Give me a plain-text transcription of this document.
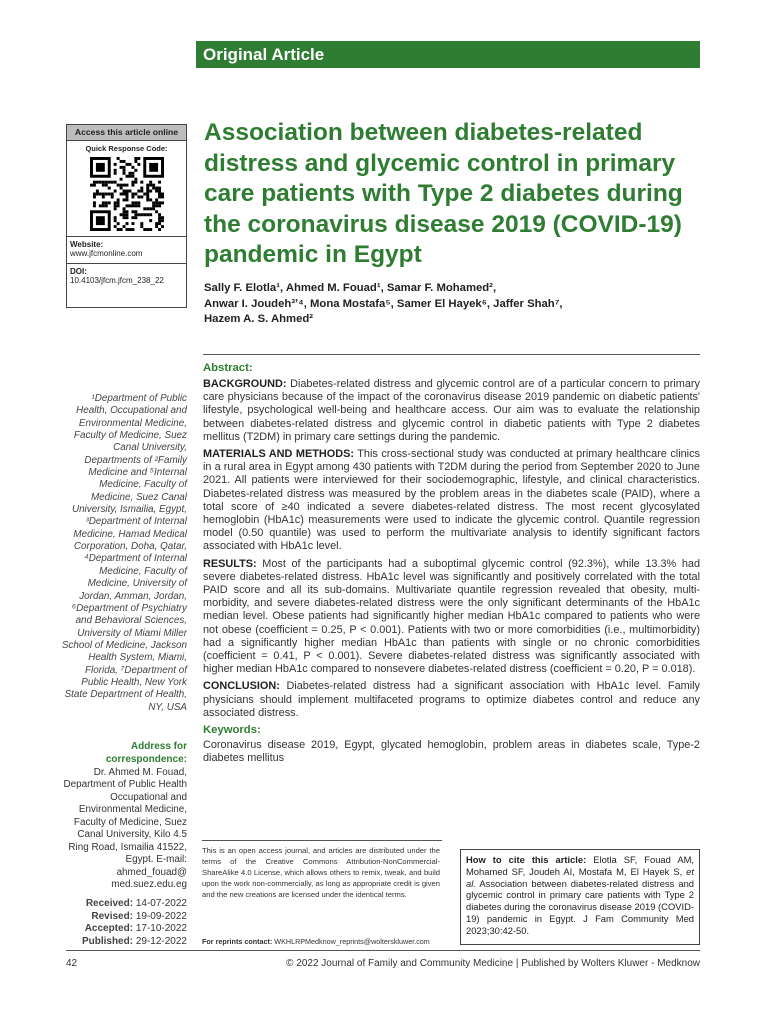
Original Article
Access this article online
Quick Response Code:
Website:
www.jfcmonline.com
DOI:
10.4103/jfcm.jfcm_238_22
Association between diabetes-related distress and glycemic control in primary care patients with Type 2 diabetes during the coronavirus disease 2019 (COVID-19) pandemic in Egypt
Sally F. Elotla¹, Ahmed M. Fouad¹, Samar F. Mohamed²,
Anwar I. Joudeh³ʼ⁴, Mona Mostafa⁵, Samer El Hayek⁶, Jaffer Shah⁷,
Hazem A. S. Ahmed²
¹Department of Public Health, Occupational and Environmental Medicine, Faculty of Medicine, Suez Canal University, Departments of ²Family Medicine and ⁵Internal Medicine, Faculty of Medicine, Suez Canal University, Ismailia, Egypt, ³Department of Internal Medicine, Hamad Medical Corporation, Doha, Qatar, ⁴Department of Internal Medicine, Faculty of Medicine, University of Jordan, Amman, Jordan, ⁶Department of Psychiatry and Behavioral Sciences, University of Miami Miller School of Medicine, Jackson Health System, Miami, Florida, ⁷Department of Public Health, New York State Department of Health, NY, USA
Address for correspondence:
Dr. Ahmed M. Fouad, Department of Public Health Occupational and Environmental Medicine, Faculty of Medicine, Suez Canal University, Kilo 4.5 Ring Road, Ismailia 41522, Egypt. E-mail: ahmed_fouad@ med.suez.edu.eg
Received: 14-07-2022
Revised: 19-09-2022
Accepted: 17-10-2022
Published: 29-12-2022
Abstract:

BACKGROUND: Diabetes-related distress and glycemic control are of a particular concern to primary care physicians because of the impact of the coronavirus disease 2019 pandemic on diabetic patients' lifestyle, psychological well-being and healthcare access. Our aim was to evaluate the relationship between diabetes-related distress and glycemic control in diabetic patients with Type 2 diabetes mellitus (T2DM) in primary care settings during the pandemic.

MATERIALS AND METHODS: This cross-sectional study was conducted at primary healthcare clinics in a rural area in Egypt among 430 patients with T2DM during the period from September 2020 to June 2021. All patients were interviewed for their sociodemographic, lifestyle, and clinical characteristics. Diabetes-related distress was measured by the problem areas in the diabetes scale (PAID), where a total score of ≥40 indicated a severe diabetes-related distress. The most recent glycosylated hemoglobin (HbA1c) measurements were used to indicate the glycemic control. Quantile regression model (0.50 quantile) was used to perform the multivariate analysis to identify significant factors associated with HbA1c level.

RESULTS: Most of the participants had a suboptimal glycemic control (92.3%), while 13.3% had severe diabetes-related distress. HbA1c level was significantly and positively correlated with the total PAID score and all its sub-domains. Multivariate quantile regression revealed that obesity, multi-morbidity, and severe diabetes-related distress were the only significant determinants of the HbA1c median level. Obese patients had significantly higher median HbA1c compared to patients who were not obese (coefficient = 0.25, P < 0.001). Patients with two or more comorbidities (i.e., multimorbidity) had a significantly higher median HbA1c than patients with single or no chronic comorbidities (coefficient = 0.41, P < 0.001). Severe diabetes-related distress was significantly associated with higher median HbA1c compared to nonsevere diabetes-related distress (coefficient = 0.20, P = 0.018).

CONCLUSION: Diabetes-related distress had a significant association with HbA1c level. Family physicians should implement multifaceted programs to optimize diabetes control and reduce any associated distress.

Keywords:
Coronavirus disease 2019, Egypt, glycated hemoglobin, problem areas in diabetes scale, Type-2 diabetes mellitus
This is an open access journal, and articles are distributed under the terms of the Creative Commons Attribution-NonCommercial-ShareAlike 4.0 License, which allows others to remix, tweak, and build upon the work non-commercially, as long as appropriate credit is given and the new creations are licensed under the identical terms.
For reprints contact: WKHLRPMedknow_reprints@wolterskluwer.com
How to cite this article: Elotla SF, Fouad AM, Mohamed SF, Joudeh AI, Mostafa M, El Hayek S, et al. Association between diabetes-related distress and glycemic control in primary care patients with Type 2 diabetes during the coronavirus disease 2019 (COVID-19) pandemic in Egypt. J Fam Community Med 2023;30:42-50.
42	© 2022 Journal of Family and Community Medicine | Published by Wolters Kluwer - Medknow
